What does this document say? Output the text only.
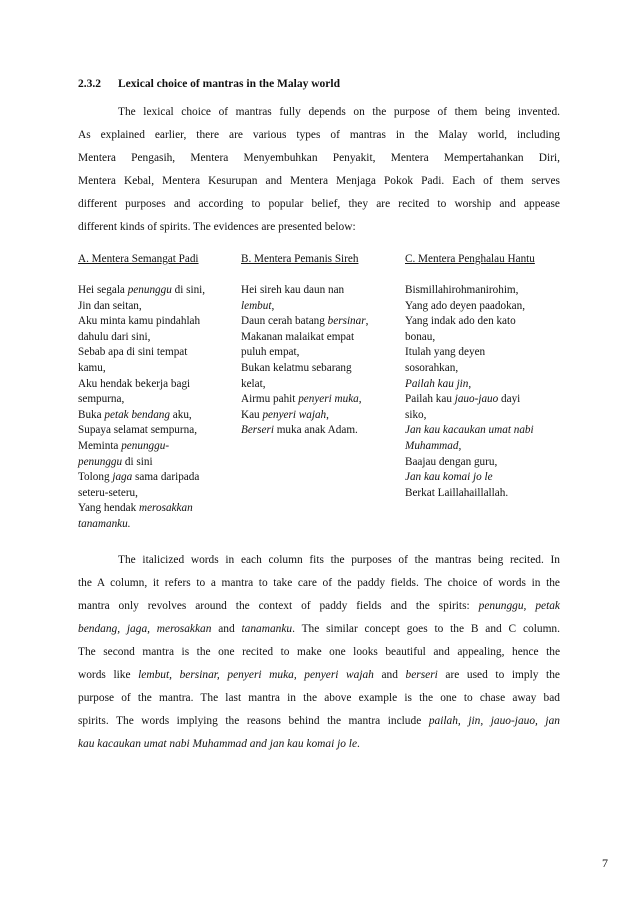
2.3.2 Lexical choice of mantras in the Malay world
The lexical choice of mantras fully depends on the purpose of them being invented.
As explained earlier, there are various types of mantras in the Malay world, including
Mentera Pengasih, Mentera Menyembuhkan Penyakit, Mentera Mempertahankan Diri,
Mentera Kebal, Mentera Kesurupan and Mentera Menjaga Pokok Padi. Each of them serves
different purposes and according to popular belief, they are recited to worship and appease
different kinds of spirits. The evidences are presented below:
A. Mentera Semangat Padi
Hei segala penunggu di sini,
Jin dan seitan,
Aku minta kamu pindahlah
dahulu dari sini,
Sebab apa di sini tempat
kamu,
Aku hendak bekerja bagi
sempurna,
Buka petak bendang aku,
Supaya selamat sempurna,
Meminta penunggu-
penunggu di sini
Tolong jaga sama daripada
seteru-seteru,
Yang hendak merosakkan
tanamanku.
B. Mentera Pemanis Sireh
Hei sireh kau daun nan
lembut,
Daun cerah batang bersinar,
Makanan malaikat empat
puluh empat,
Bukan kelatmu sebarang
kelat,
Airmu pahit penyeri muka,
Kau penyeri wajah,
Berseri muka anak Adam.
C. Mentera Penghalau Hantu
Bismillahirohmanirohim,
Yang ado deyen paadokan,
Yang indak ado den kato
bonau,
Itulah yang deyen
sosorahkan,
Pailah kau jin,
Pailah kau jauo-jauo dayi
siko,
Jan kau kacaukan umat nabi
Muhammad,
Baajau dengan guru,
Jan kau komai jo le
Berkat Laillahaillallah.
The italicized words in each column fits the purposes of the mantras being recited. In
the A column, it refers to a mantra to take care of the paddy fields. The choice of words in the
mantra only revolves around the context of paddy fields and the spirits: penunggu, petak
bendang, jaga, merosakkan and tanamanku. The similar concept goes to the B and C column.
The second mantra is the one recited to make one looks beautiful and appealing, hence the
words like lembut, bersinar, penyeri muka, penyeri wajah and berseri are used to imply the
purpose of the mantra. The last mantra in the above example is the one to chase away bad
spirits. The words implying the reasons behind the mantra include pailah, jin, jauo-jauo, jan
kau kacaukan umat nabi Muhammad and jan kau komai jo le.
7
